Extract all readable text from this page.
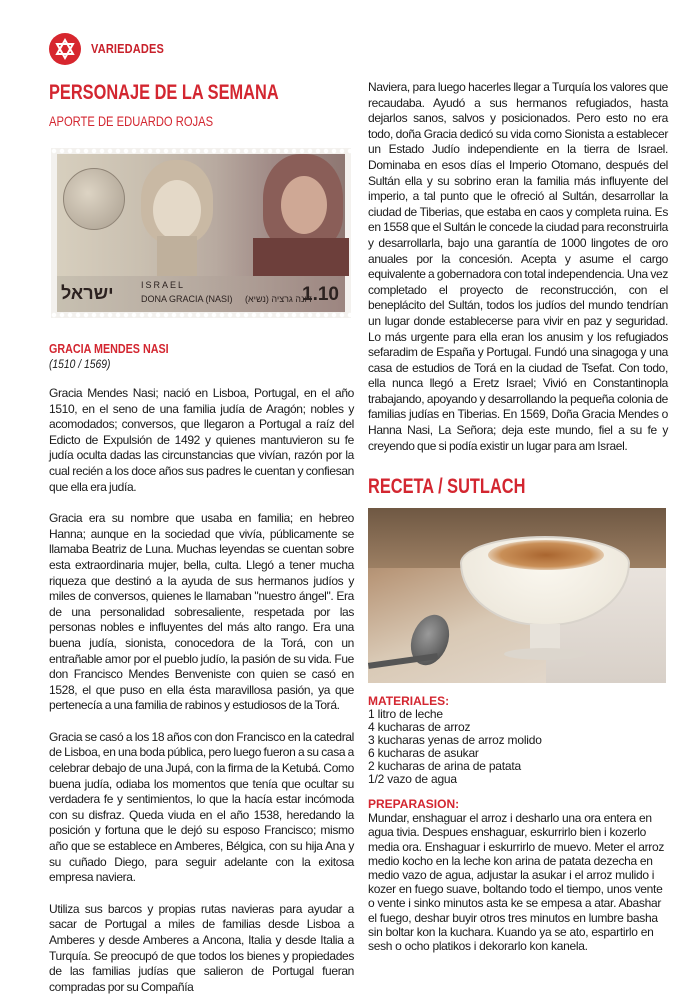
VARIEDADES
PERSONAJE DE LA SEMANA
APORTE DE EDUARDO ROJAS
ישראל	ISRAEL
DONA GRACIA (NASI) דונה גרציה (נשיא)
1.10
GRACIA MENDES NASI
(1510 / 1569)

Gracia Mendes Nasi; nació en Lisboa, Portugal, en el año 1510, en el seno de una familia judía de Aragón; nobles y acomodados; conversos, que llegaron a Portugal a raíz del Edicto de Expulsión de 1492 y quienes mantuvieron su fe judía oculta dadas las circunstancias que vivían, razón por la cual recién a los doce años sus padres le cuentan y confiesan que ella era judía.

Gracia era su nombre que usaba en familia; en hebreo Hanna; aunque en la sociedad que vivía, públicamente se llamaba Beatriz de Luna. Muchas leyendas se cuentan sobre esta extraordinaria mujer, bella, culta. Llegó a tener mucha riqueza que destinó a la ayuda de sus hermanos judíos y miles de conversos, quienes le llamaban "nuestro ángel". Era de una personalidad sobresaliente, respetada por las personas nobles e influyentes del más alto rango. Era una buena judía, sionista, conocedora de la Torá, con un entrañable amor por el pueblo judío, la pasión de su vida. Fue don Francisco Mendes Benveniste con quien se casó en 1528, el que puso en ella ésta maravillosa pasión, ya que pertenecía a una familia de rabinos y estudiosos de la Torá.

Gracia se casó a los 18 años con don Francisco en la catedral de Lisboa, en una boda pública, pero luego fueron a su casa a celebrar debajo de una Jupá, con la firma de la Ketubá. Como buena judía, odiaba los momentos que tenía que ocultar su verdadera fe y sentimientos, lo que la hacía estar incómoda con su disfraz. Queda viuda en el año 1538, heredando la posición y fortuna que le dejó su esposo Francisco; mismo año que se establece en Amberes, Bélgica, con su hija Ana y su cuñado Diego, para seguir adelante con la exitosa empresa naviera.

Utiliza sus barcos y propias rutas navieras para ayudar a sacar de Portugal a miles de familias desde Lisboa a Amberes y desde Amberes a Ancona, Italia y desde Italia a Turquía. Se preocupó de que todos los bienes y propiedades de las familias judías que salieron de Portugal fueran compradas por su Compañía

Naviera, para luego hacerles llegar a Turquía los valores que recaudaba. Ayudó a sus hermanos refugiados, hasta dejarlos sanos, salvos y posicionados. Pero esto no era todo, doña Gracia dedicó su vida como Sionista a establecer un Estado Judío independiente en la tierra de Israel. Dominaba en esos días el Imperio Otomano, después del Sultán ella y su sobrino eran la familia más influyente del imperio, a tal punto que le ofreció al Sultán, desarrollar la ciudad de Tiberias, que estaba en caos y completa ruina. Es en 1558 que el Sultán le concede la ciudad para reconstruirla y desarrollarla, bajo una garantía de 1000 lingotes de oro anuales por la concesión. Acepta y asume el cargo equivalente a gobernadora con total independencia. Una vez completado el proyecto de reconstrucción, con el beneplácito del Sultán, todos los judíos del mundo tendrían un lugar donde establecerse para vivir en paz y seguridad. Lo más urgente para ella eran los anusim y los refugiados sefaradim de España y Portugal. Fundó una sinagoga y una casa de estudios de Torá en la ciudad de Tsefat. Con todo, ella nunca llegó a Eretz Israel; Vivió en Constantinopla trabajando, apoyando y desarrollando la pequeña colonia de familias judías en Tiberias. En 1569, Doña Gracia Mendes o Hanna Nasi, La Señora; deja este mundo, fiel a su fe y creyendo que si podía existir un lugar para am Israel.

RECETA / SUTLACH
MATERIALES:
1 litro de leche
4 kucharas de arroz
3 kucharas yenas de arroz molido
6 kucharas de asukar
2 kucharas de arina de patata
1/2 vazo de agua
PREPARASION:

Mundar, enshaguar el arroz i desharlo una ora entera en agua tivia. Despues enshaguar, eskurrirlo bien i kozerlo media ora. Enshaguar i eskurrirlo de muevo. Meter el arroz medio kocho en la leche kon arina de patata dezecha en medio vazo de agua, adjustar la asukar i el arroz mulido i kozer en fuego suave, boltando todo el tiempo, unos vente o vente i sinko minutos asta ke se empesa a atar. Abashar el fuego, deshar buyir otros tres minutos en lumbre basha sin boltar kon la kuchara. Kuando ya se ato, espartirlo en sesh o ocho platikos i dekorarlo kon kanela.
